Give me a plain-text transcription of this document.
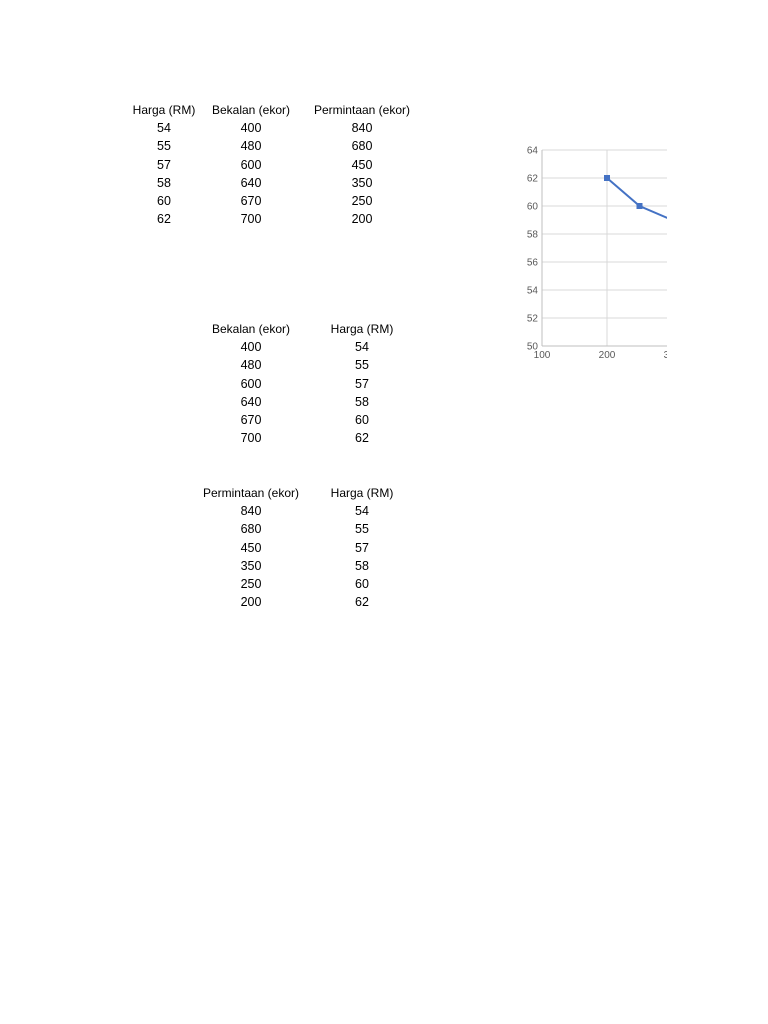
Harga (RM)	Bekalan (ekor)	Permintaan (ekor)
54	400	840
55	480	680
57	600	450
58	640	350
60	670	250
62	700	200
Bekalan (ekor)	Harga (RM)
400	54
480	55
600	57
640	58
670	60
700	62
Permintaan (ekor)	Harga (RM)
840	54
680	55
450	57
350	58
250	60
200	62
64
62
60
58
56
54
52
50
100	200	300
